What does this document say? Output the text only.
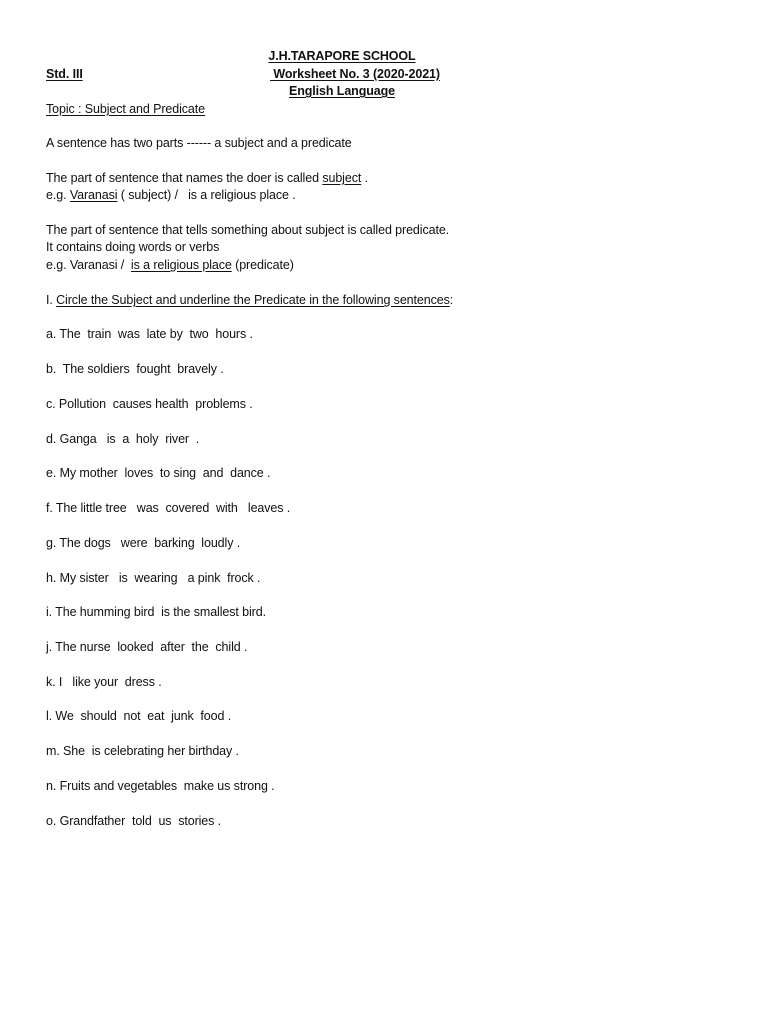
J.H.TARAPORE SCHOOL
Std. III	Worksheet No. 3 (2020-2021)
English Language
Topic : Subject and Predicate
A sentence has two parts ------ a subject and a predicate
The part of sentence that names the doer is called subject .
e.g. Varanasi ( subject) /   is a religious place .
The part of sentence that tells something about subject is called predicate.
It contains doing words or verbs
e.g. Varanasi /  is a religious place (predicate)
I. Circle the Subject and underline the Predicate in the following sentences:
a. The  train  was  late by  two  hours .
b.  The soldiers  fought  bravely .
c. Pollution  causes health  problems .
d. Ganga   is  a  holy  river  .
e. My mother  loves  to sing  and  dance .
f. The little tree   was  covered  with   leaves .
g. The dogs   were  barking  loudly .
h. My sister   is  wearing   a pink  frock .
i. The humming bird  is the smallest bird.
j. The nurse  looked  after  the  child .
k. I   like your  dress .
l. We  should  not  eat  junk  food .
m. She  is celebrating her birthday .
n. Fruits and vegetables  make us strong .
o. Grandfather  told  us  stories .
